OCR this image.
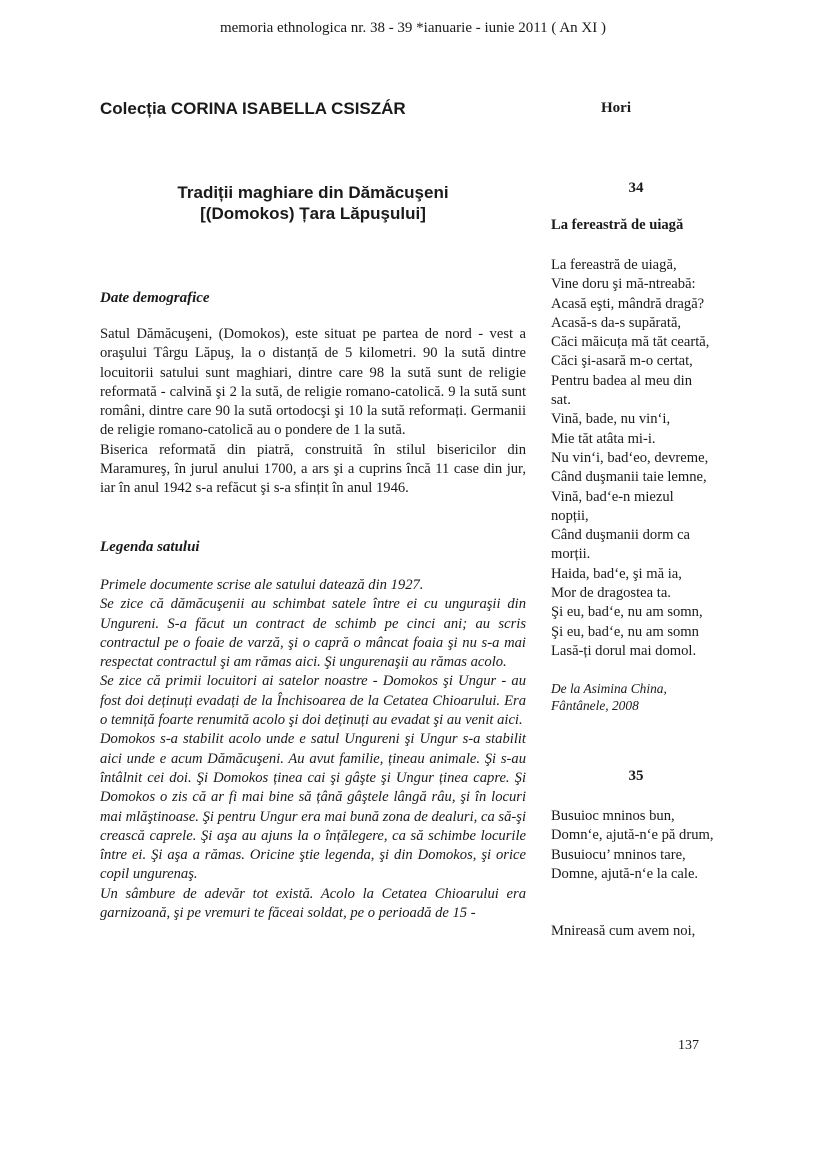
memoria ethnologica nr. 38 - 39 *ianuarie - iunie 2011 ( An XI )
Colecția CORINA ISABELLA CSISZÁR
Tradiții maghiare din Dămăcuşeni
[(Domokos) Țara Lăpuşului]
Date demografice

Satul Dămăcuşeni, (Domokos), este situat pe partea de nord - vest a oraşului Târgu Lăpuş, la o distanță de 5 kilometri. 90 la sută dintre locuitorii satului sunt maghiari, dintre care 98 la sută sunt de religie reformată - calvină şi 2 la sută, de religie romano-catolică. 9 la sută sunt români, dintre care 90 la sută ortodocşi şi 10 la sută reformați. Germanii de religie romano-catolică au o pondere de 1 la sută.

Biserica reformată din piatră, construită în stilul bisericilor din Maramureş, în jurul anului 1700, a ars şi a cuprins încă 11 case din jur, iar în anul 1942 s-a refăcut şi s-a sfințit în anul 1946.

Legenda satului

Primele documente scrise ale satului datează din 1927.

Se zice că dămăcuşenii au schimbat satele între ei cu unguraşii din Ungureni. S-a făcut un contract de schimb pe cinci ani; au scris contractul pe o foaie de varză, şi o capră o mâncat foaia şi nu s-a mai respectat contractul şi am rămas aici. Şi ungurenaşii au rămas acolo.

Se zice că primii locuitori ai satelor noastre - Domokos şi Ungur - au fost doi deținuți evadați de la Închisoarea de la Cetatea Chioarului. Era o temniță foarte renumită acolo şi doi deținuți au evadat şi au venit aici.

Domokos s-a stabilit acolo unde e satul Ungureni şi Ungur s-a stabilit aici unde e acum Dămăcuşeni. Au avut familie, țineau animale. Şi s-au întâlnit cei doi. Şi Domokos ținea cai şi gâşte şi Ungur ținea capre. Şi Domokos o zis că ar fi mai bine să țână gâştele lângă râu, şi în locuri mai mlăştinoase. Şi pentru Ungur era mai bună zona de dealuri, ca să-şi crească caprele. Şi aşa au ajuns la o înțălegere, ca să schimbe locurile între ei. Şi aşa a rămas. Oricine ştie legenda, şi din Domokos, şi orice copil ungurenaş.

Un sâmbure de adevăr tot există. Acolo la Cetatea Chioarului era garnizoană, şi pe vremuri te făceai soldat, pe o perioadă de 15 -

Hori
34
La fereastră de uiagă
La fereastră de uiagă,
Vine doru şi mă-ntreabă:
Acasă eşti, mândră dragă?
Acasă-s da-s supărată,
Căci măicuța mă tăt ceartă,
Căci şi-asară m-o certat,
Pentru badea al meu din
sat.
Vină, bade, nu vin‘i,
Mie tăt atâta mi-i.
Nu vin‘i, bad‘eo, devreme,
Când duşmanii taie lemne,
Vină, bad‘e-n miezul
nopții,
Când duşmanii dorm ca
morții.
Haida, bad‘e, şi mă ia,
Mor de dragostea ta.
Şi eu, bad‘e, nu am somn,
Şi eu, bad‘e, nu am somn
Lasă-ți dorul mai domol.
De la Asimina China,
Fântânele, 2008
35
Busuioc mninos bun,
Domn‘e, ajută-n‘e pă drum,
Busuiocu’ mninos tare,
Domne, ajută-n‘e la cale.
Mnireasă cum avem noi,
137
